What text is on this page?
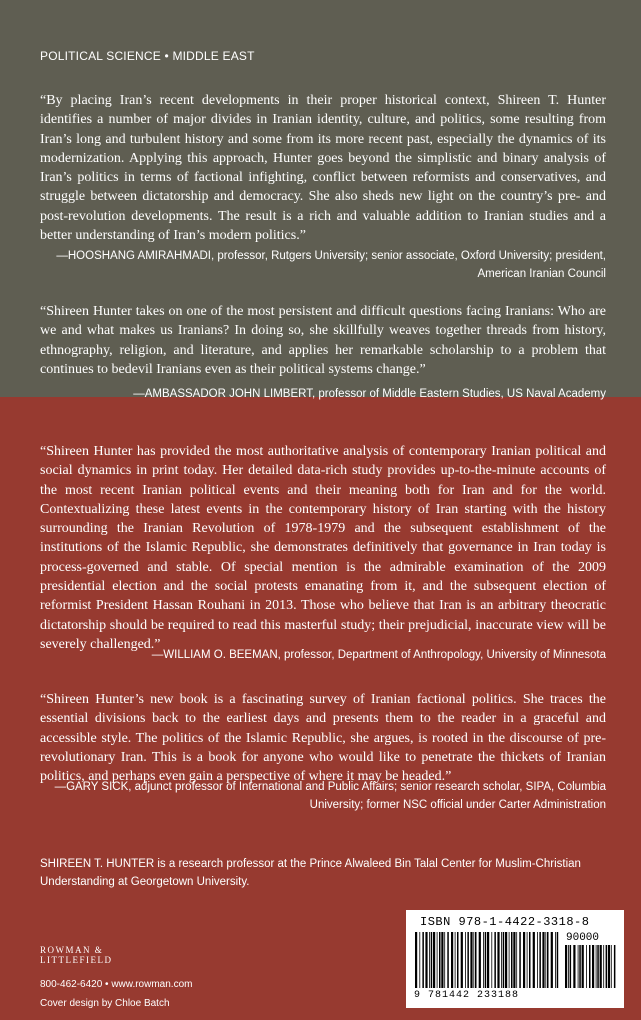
POLITICAL SCIENCE • MIDDLE EAST

“By placing Iran’s recent developments in their proper historical context, Shireen T. Hunter identifies a number of major divides in Iranian identity, culture, and politics, some resulting from Iran’s long and turbulent history and some from its more recent past, especially the dynamics of its modernization. Applying this approach, Hunter goes beyond the simplistic and binary analysis of Iran’s politics in terms of factional infighting, conflict between reformists and conservatives, and struggle between dictatorship and democracy. She also sheds new light on the country’s pre- and post-revolution developments. The result is a rich and valuable addition to Iranian studies and a better understanding of Iran’s modern politics.”

—HOOSHANG AMIRAHMADI, professor, Rutgers University; senior associate, Oxford University; president, American Iranian Council

“Shireen Hunter takes on one of the most persistent and difficult questions facing Iranians: Who are we and what makes us Iranians? In doing so, she skillfully weaves together threads from history, ethnography, religion, and literature, and applies her remarkable scholarship to a problem that continues to bedevil Iranians even as their political systems change.”

—AMBASSADOR JOHN LIMBERT, professor of Middle Eastern Studies, US Naval Academy

“Shireen Hunter has provided the most authoritative analysis of contemporary Iranian political and social dynamics in print today. Her detailed data-rich study provides up-to-the-minute accounts of the most recent Iranian political events and their meaning both for Iran and for the world. Contextualizing these latest events in the contemporary history of Iran starting with the history surrounding the Iranian Revolution of 1978-1979 and the subsequent establishment of the institutions of the Islamic Republic, she demonstrates definitively that governance in Iran today is process-governed and stable. Of special mention is the admirable examination of the 2009 presidential election and the social protests emanating from it, and the subsequent election of reformist President Hassan Rouhani in 2013. Those who believe that Iran is an arbitrary theocratic dictatorship should be required to read this masterful study; their prejudicial, inaccurate view will be severely challenged.”

—WILLIAM O. BEEMAN, professor, Department of Anthropology, University of Minnesota

“Shireen Hunter’s new book is a fascinating survey of Iranian factional politics. She traces the essential divisions back to the earliest days and presents them to the reader in a graceful and accessible style. The politics of the Islamic Republic, she argues, is rooted in the discourse of pre-revolutionary Iran. This is a book for anyone who would like to penetrate the thickets of Iranian politics, and perhaps even gain a perspective of where it may be headed.”

—GARY SICK, adjunct professor of International and Public Affairs; senior research scholar, SIPA, Columbia University; former NSC official under Carter Administration

SHIREEN T. HUNTER is a research professor at the Prince Alwaleed Bin Talal Center for Muslim-Christian Understanding at Georgetown University.

ROWMAN &
LITTLEFIELD
800-462-6420 • www.rowman.com
Cover design by Chloe Batch
ISBN 978-1-4422-3318-8
90000
9 781442 233188
